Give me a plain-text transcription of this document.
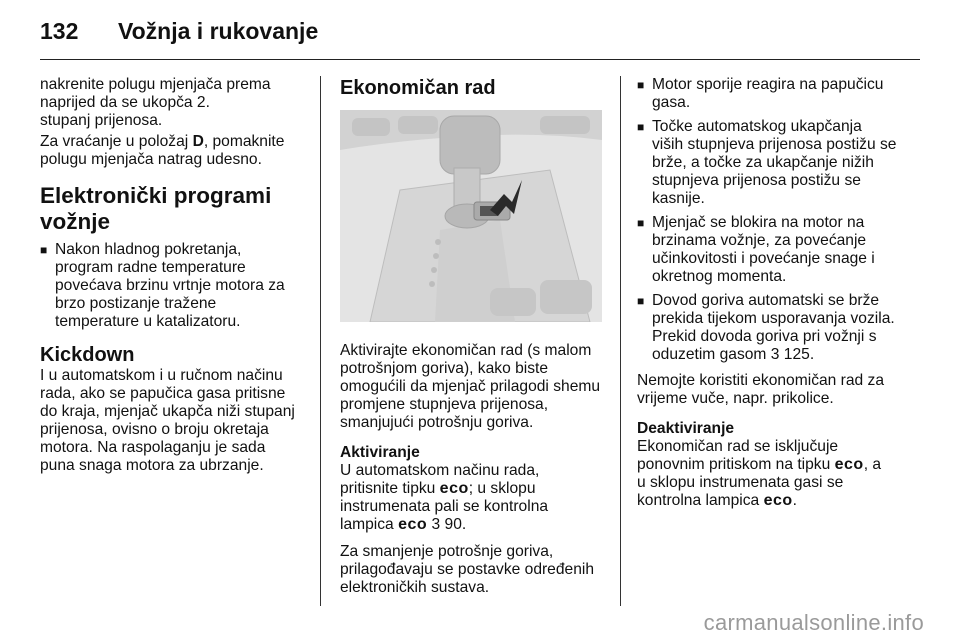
132 Vožnja i rukovanje

nakrenite polugu mjenjača prema
naprijed da se ukopča 2.
stupanj prijenosa.

Za vraćanje u položaj D, pomaknite
polugu mjenjača natrag udesno.

Elektronički programi
vožnje
■ Nakon hladnog pokretanja,
program radne temperature
povećava brzinu vrtnje motora za
brzo postizanje tražene
temperature u katalizatoru.
Kickdown

I u automatskom i u ručnom načinu
rada, ako se papučica gasa pritisne
do kraja, mjenjač ukapča niži stupanj
prijenosa, ovisno o broju okretaja
motora. Na raspolaganju je sada
puna snaga motora za ubrzanje.

Ekonomičan rad

Aktivirajte ekonomičan rad (s malom
potrošnjom goriva), kako biste
omogućili da mjenjač prilagodi shemu
promjene stupnjeva prijenosa,
smanjujući potrošnju goriva.

Aktiviranje

U automatskom načinu rada,
pritisnite tipku eco; u sklopu
instrumenata pali se kontrolna
lampica eco 3 90.

Za smanjenje potrošnje goriva,
prilagođavaju se postavke određenih
elektroničkih sustava.

■ Motor sporije reagira na papučicu
gasa.
■ Točke automatskog ukapčanja
viših stupnjeva prijenosa postižu se
brže, a točke za ukapčanje nižih
stupnjeva prijenosa postižu se
kasnije.
■ Mjenjač se blokira na motor na
brzinama vožnje, za povećanje
učinkovitosti i povećanje snage i
okretnog momenta.
■ Dovod goriva automatski se brže
prekida tijekom usporavanja vozila.
Prekid dovoda goriva pri vožnji s
oduzetim gasom 3 125.

Nemojte koristiti ekonomičan rad za
vrijeme vuče, napr. prikolice.

Deaktiviranje

Ekonomičan rad se isključuje
ponovnim pritiskom na tipku eco, a
u sklopu instrumenata gasi se
kontrolna lampica eco.

carmanualsonline.info
